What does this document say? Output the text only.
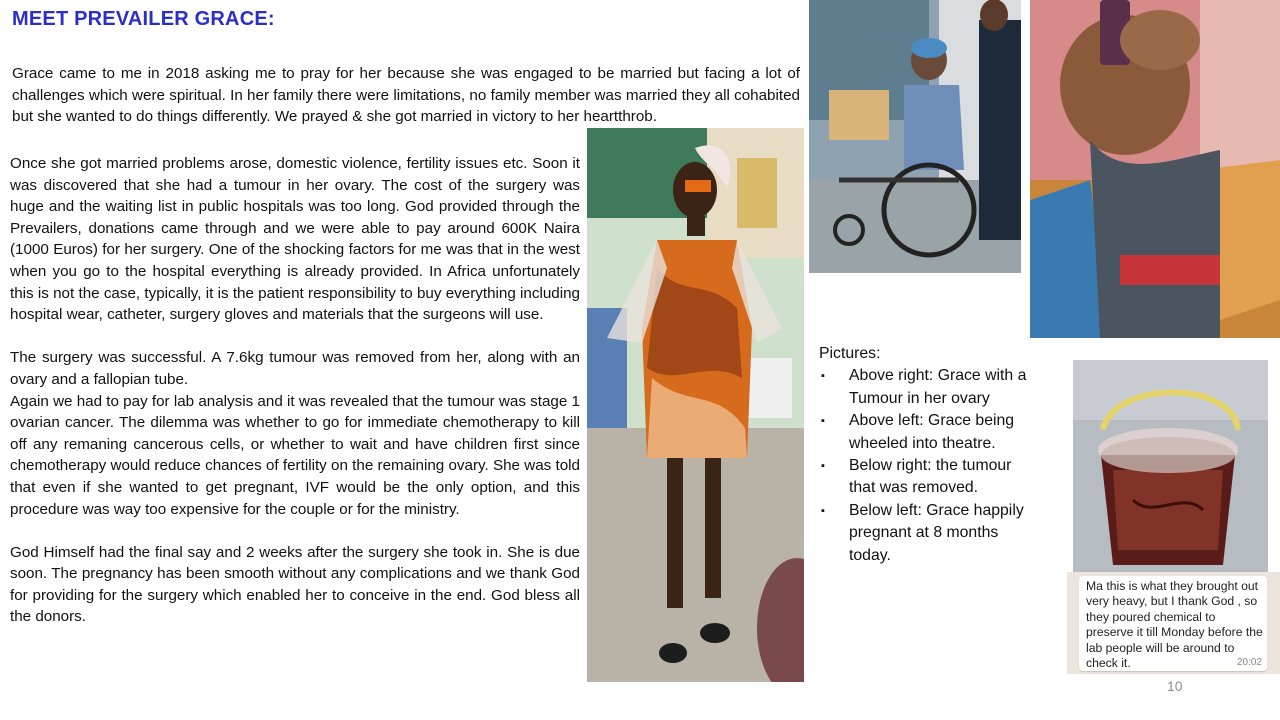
MEET PREVAILER GRACE:

Grace came to me in 2018 asking me to pray for her because she was engaged to be married but facing a lot of challenges which were spiritual. In her family there were limitations, no family member was married they all cohabited but she wanted to do things differently. We prayed & she got married in victory to her heartthrob.

Once she got married problems arose, domestic violence, fertility issues etc. Soon it was discovered that she had a tumour in her ovary. The cost of the surgery was huge and the waiting list in public hospitals was too long. God provided through the Prevailers, donations came through and we were able to pay around 600K Naira (1000 Euros) for her surgery. One of the shocking factors for me was that in the west when you go to the hospital everything is already provided. In Africa unfortunately this is not the case, typically, it is the patient responsibility to buy everything including hospital wear, catheter, surgery gloves and materials that the surgeons will use.

The surgery was successful. A 7.6kg tumour was removed from her, along with an ovary and a fallopian tube.

Again we had to pay for lab analysis and it was revealed that the tumour was stage 1 ovarian cancer. The dilemma was whether to go for immediate chemotherapy to kill off any remaning cancerous cells, or whether to wait and have children first since chemotherapy would reduce chances of fertility on the remaining ovary. She was told that even if she wanted to get pregnant, IVF would be the only option, and this procedure was way too expensive for the couple or for the ministry.

God Himself had the final say and 2 weeks after the surgery she took in. She is due soon. The pregnancy has been smooth without any complications and we thank God for providing for the surgery which enabled her to conceive in the end. God bless all the donors.

Pictures:
▪ Above right: Grace with a Tumour in her ovary
▪ Above left: Grace being wheeled into theatre.
▪ Below right: the tumour that was removed.
▪ Below left: Grace happily pregnant at 8 months today.
Ma this is what they brought out very heavy, but I thank God , so they poured chemical to preserve it till Monday before the lab people will be around to check it.	20:02
10
